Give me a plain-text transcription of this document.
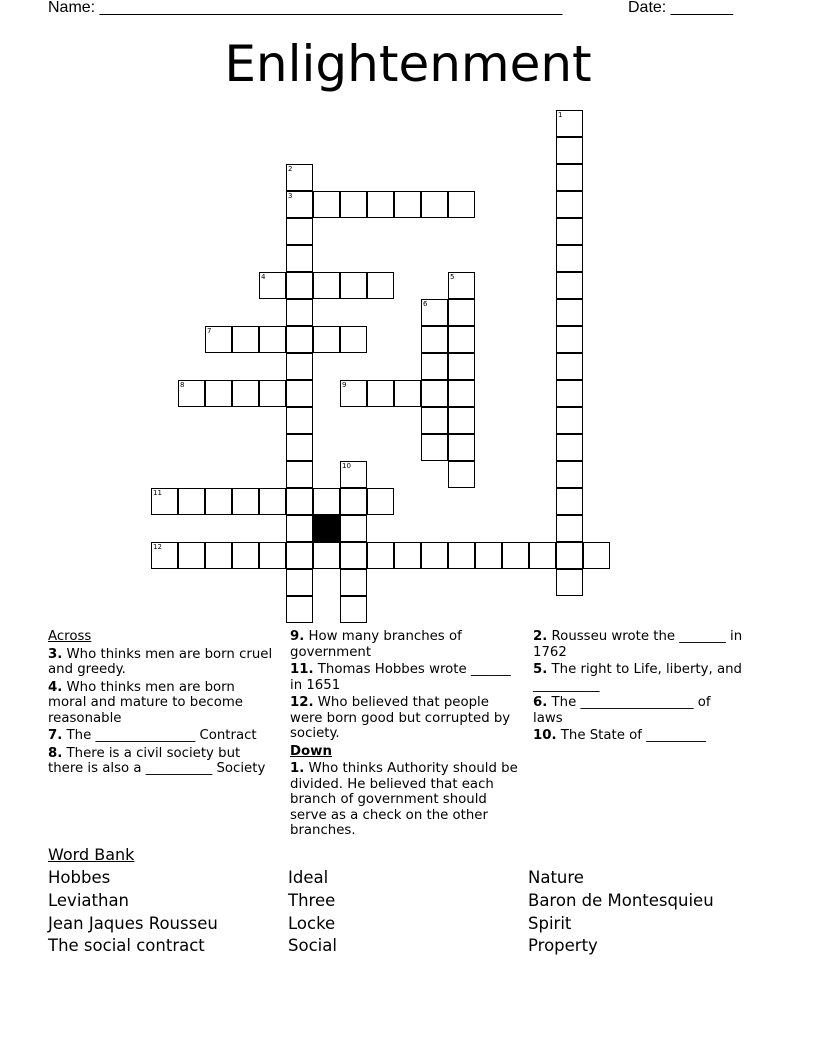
Name: ____________________________________________________	Date: _______
Enlightenment
1
2
3
4	5
6
7
8	9
10
11
12
Across
3. Who thinks men are born cruel and greedy.
4. Who thinks men are born moral and mature to become reasonable
7. The _______________ Contract
8. There is a civil society but there is also a __________ Society
9. How many branches of government
11. Thomas Hobbes wrote ______ in 1651
12. Who believed that people were born good but corrupted by society.
Down
1. Who thinks Authority should be divided. He believed that each branch of government should serve as a check on the other branches.
2. Rousseu wrote the _______ in 1762
5. The right to Life, liberty, and __________
6. The _________________ of laws
10. The State of _________
Word Bank
Hobbes
Leviathan
Jean Jaques Rousseu
The social contract
Ideal
Three
Locke
Social
Nature
Baron de Montesquieu
Spirit
Property
